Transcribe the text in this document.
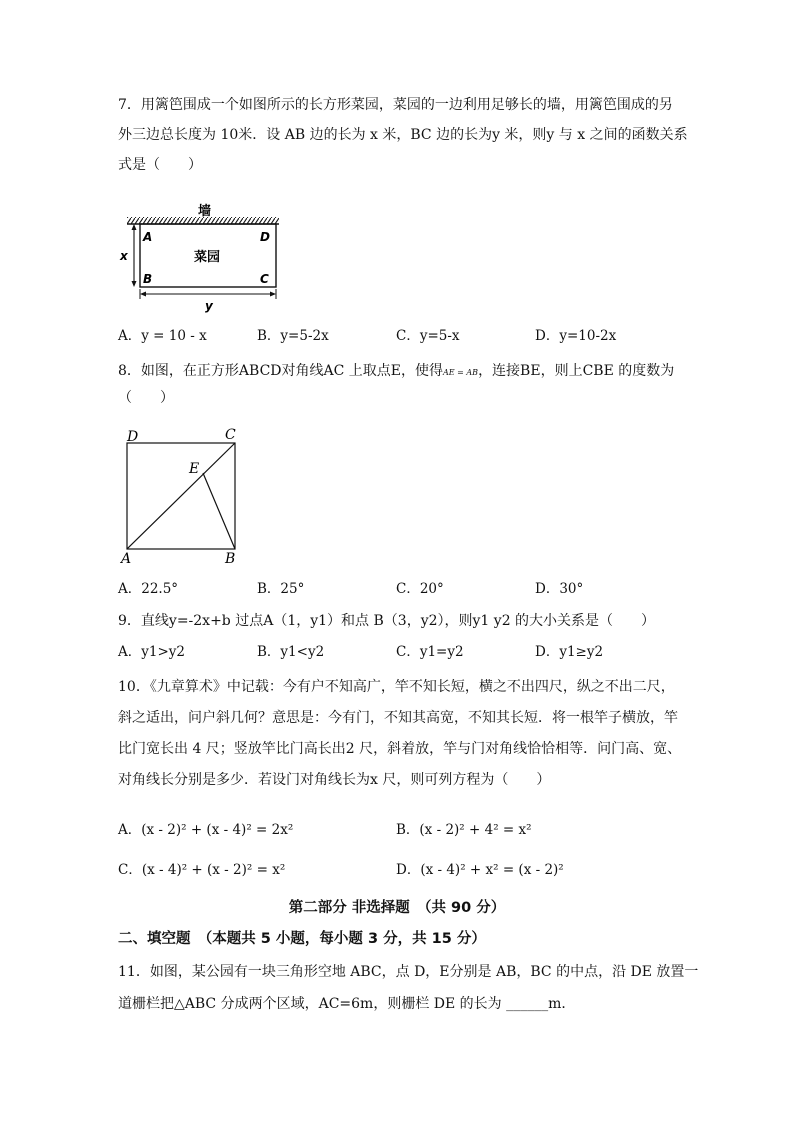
7．用篱笆围成一个如图所示的长方形菜园，菜园的一边利用足够长的墙，用篱笆围成的另
外三边总长度为 10米．设 AB 边的长为 x 米，BC 边的长为y 米，则y 与 x 之间的函数关系
式是（　　）
墙
A	D
B	C
菜园
x
y
A．y = 10 - x	B．y=5-2x	C．y=5-x	D．y=10-2x
8．如图，在正方形ABCD对角线AC 上取点E，使得AE = AB，连接BE，则上CBE 的度数为
（　　）
D	C
E
A	B
A．22.5°	B．25°	C．20°	D．30°
9．直线y=-2x+b 过点A（1，y1）和点 B（3，y2），则y1 y2 的大小关系是（　　）
A．y1>y2	B．y1<y2	C．y1=y2	D．y1≥y2
10．《九章算术》中记载：今有户不知高广，竿不知长短，横之不出四尺，纵之不出二尺，
斜之适出，问户斜几何？意思是：今有门，不知其高宽，不知其长短．将一根竿子横放，竿
比门宽长出 4 尺；竖放竿比门高长出2 尺，斜着放，竿与门对角线恰恰相等．问门高、宽、
对角线长分别是多少．若设门对角线长为x 尺，则可列方程为（　　）
A．(x - 2)² + (x - 4)² = 2x²	B．(x - 2)² + 4² = x²
C．(x - 4)² + (x - 2)² = x²	D．(x - 4)² + x² = (x - 2)²
第二部分 非选择题　（共 90 分）
二、填空题　（本题共 5 小题，每小题 3 分，共 15 分）
11．如图，某公园有一块三角形空地 ABC，点 D，E分别是 AB，BC 的中点，沿 DE 放置一
道栅栏把△ABC 分成两个区域，AC=6m，则栅栏 DE 的长为 ______m．
